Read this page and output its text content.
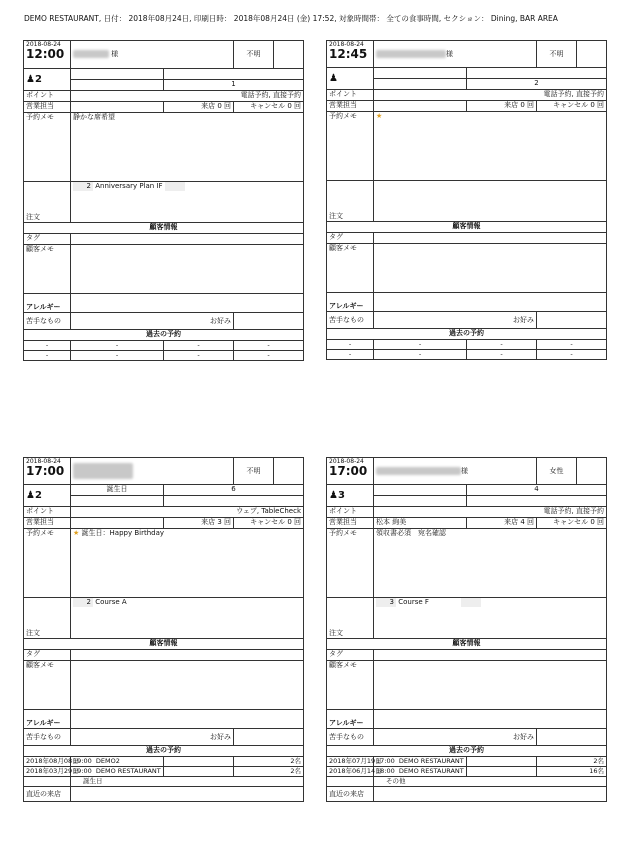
DEMO RESTAURANT, 日付： 2018年08月24日, 印刷日時： 2018年08月24日 (金) 17:52, 対象時間帯： 全ての食事時間, セクション： Dining, BAR AREA
2018-08-24
12:00	様		不明	
♟2				
		1		
ポイント	電話予約, 直接予約			
営業担当		来店 0 回	キャンセル 0 回	
予約メモ	静かな席希望			
注文	2 Anniversary Plan IF			

顧客情報				
タグ				
顧客メモ				
アレルギー				
苦手なもの	お好み			
過去の予約				
-	-	-	-	
-	-	-	-	
2018-08-24
12:45	様		不明	
♟				
		2		
ポイント	電話予約, 直接予約			
営業担当		来店 0 回	キャンセル 0 回	
予約メモ	★			
注文				

顧客情報				
タグ				
顧客メモ				
アレルギー				
苦手なもの	お好み			
過去の予約				
-	-	-	-	
-	-	-	-	
2018-08-24
17:00			不明	
♟2	誕生日	6		

ポイント	ウェブ, TableCheck			
営業担当		来店 3 回	キャンセル 0 回	
予約メモ	★ 誕生日：Happy Birthday			
注文	2 Course A			

顧客情報				
タグ				
顧客メモ				
アレルギー				
苦手なもの	お好み			
過去の予約				
2018年08月08日	19:00 DEMO2		2名	
2018年03月29日	19:00 DEMO RESTAURANT		2名	
	誕生日			
直近の来店				
2018-08-24
17:00	様		女性	
♟3		4		

ポイント	電話予約, 直接予約			
営業担当	松本 絢美	来店 4 回	キャンセル 0 回	
予約メモ	領収書必須　宛名確認			
注文	3 Course F			

顧客情報				
タグ				
顧客メモ				
アレルギー				
苦手なもの	お好み			
過去の予約				
2018年07月19日	17:00 DEMO RESTAURANT		2名	
2018年06月14日	18:00 DEMO RESTAURANT		16名	
	その他			
直近の来店				
